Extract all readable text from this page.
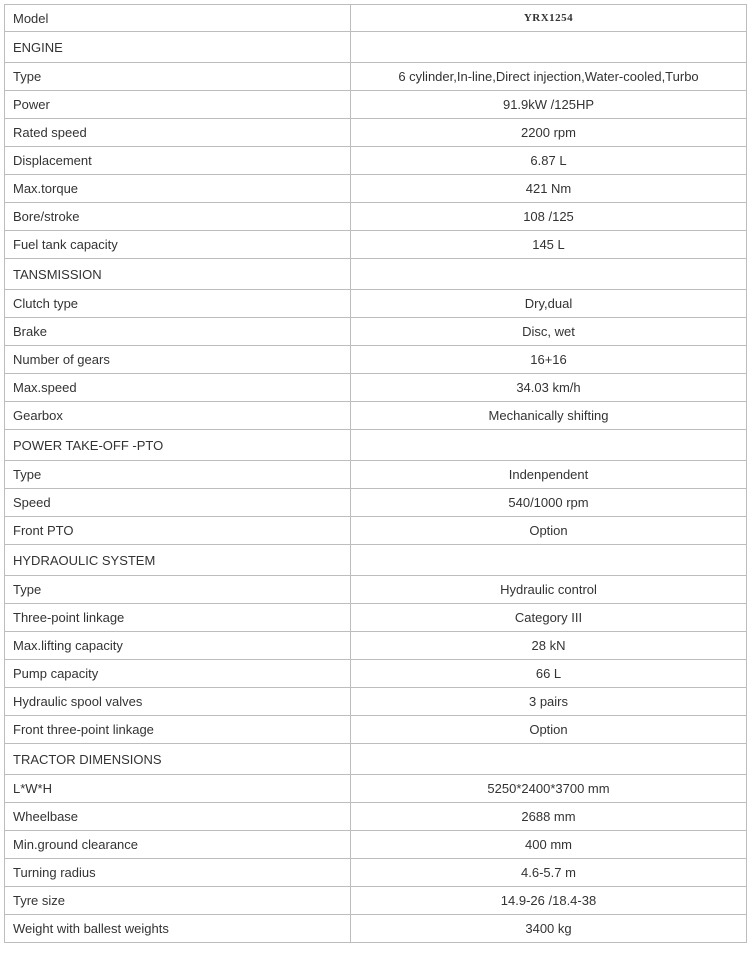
Model	YRX1254
ENGINE	
Type	6 cylinder,In-line,Direct injection,Water-cooled,Turbo
Power	91.9kW /125HP
Rated speed	2200 rpm
Displacement	6.87 L
Max.torque	421 Nm
Bore/stroke	108 /125
Fuel tank capacity	145 L
TANSMISSION	
Clutch type	Dry,dual
Brake	Disc, wet
Number of gears	16+16
Max.speed	34.03 km/h
Gearbox	Mechanically shifting
POWER TAKE-OFF -PTO	
Type	Indenpendent
Speed	540/1000 rpm
Front PTO	Option
HYDRAOULIC SYSTEM	
Type	Hydraulic control
Three-point linkage	Category III
Max.lifting capacity	28 kN
Pump capacity	66 L
Hydraulic spool valves	3 pairs
Front three-point linkage	Option
TRACTOR DIMENSIONS	
L*W*H	5250*2400*3700 mm
Wheelbase	2688 mm
Min.ground clearance	400 mm
Turning radius	4.6-5.7 m
Tyre size	14.9-26 /18.4-38
Weight with ballest weights	3400 kg
